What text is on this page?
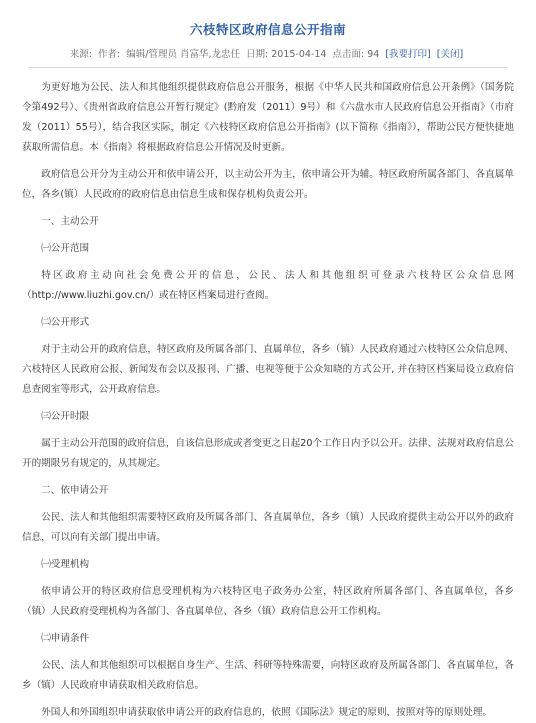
六枝特区政府信息公开指南
来源: 作者: 编辑/管理员 肖富华,龙忠任 日期: 2015-04-14 点击面: 94 [我要打印] [关闭]

为更好地为公民、法人和其他组织提供政府信息公开服务，根据《中华人民共和国政府信息公开条例》（国务院令第492号）、《贵州省政府信息公开暂行规定》(黔府发（2011）9号）和《六盘水市人民政府信息公开指南》（市府发（2011）55号），结合我区实际，制定《六枝特区政府信息公开指南》(以下简称《指南》），帮助公民方便快捷地获取所需信息。本《指南》将根据政府信息公开情况及时更新。

政府信息公开分为主动公开和依申请公开，以主动公开为主，依申请公开为辅。特区政府所属各部门、各直属单位，各乡(镇）人民政府的政府信息由信息生成和保存机构负责公开。

一、主动公开

㈠公开范围

特区政府主动向社会免费公开的信息，公民、法人和其他组织可登录六枝特区公众信息网（http://www.liuzhi.gov.cn/）或在特区档案局进行查阅。

㈡公开形式

对于主动公开的政府信息，特区政府及所属各部门、直属单位，各乡（镇）人民政府通过六枝特区公众信息网、六枝特区人民政府公报、新闻发布会以及报刊、广播、电视等便于公众知晓的方式公开, 并在特区档案局设立政府信息查阅室等形式，公开政府信息。

㈢公开时限

属于主动公开范围的政府信息，自该信息形成或者变更之日起20个工作日内予以公开。法律、法规对政府信息公开的期限另有规定的，从其规定。

二、依申请公开

公民、法人和其他组织需要特区政府及所属各部门、各直属单位，各乡（镇）人民政府提供主动公开以外的政府信息，可以向有关部门提出申请。

㈠受理机构

依申请公开的特区政府信息受理机构为六枝特区电子政务办公室，特区政府所属各部门、各直属单位，各乡（镇）人民政府受理机构为各部门、各直属单位、各乡（镇）政府信息公开工作机构。

㈡申请条件

公民、法人和其他组织可以根据自身生产、生活、科研等特殊需要，向特区政府及所属各部门、各直属单位，各乡（镇）人民政府申请获取相关政府信息。

外国人和外国组织申请获取依申请公开的政府信息的，依照《国际法》规定的原则，按照对等的原则处理。
